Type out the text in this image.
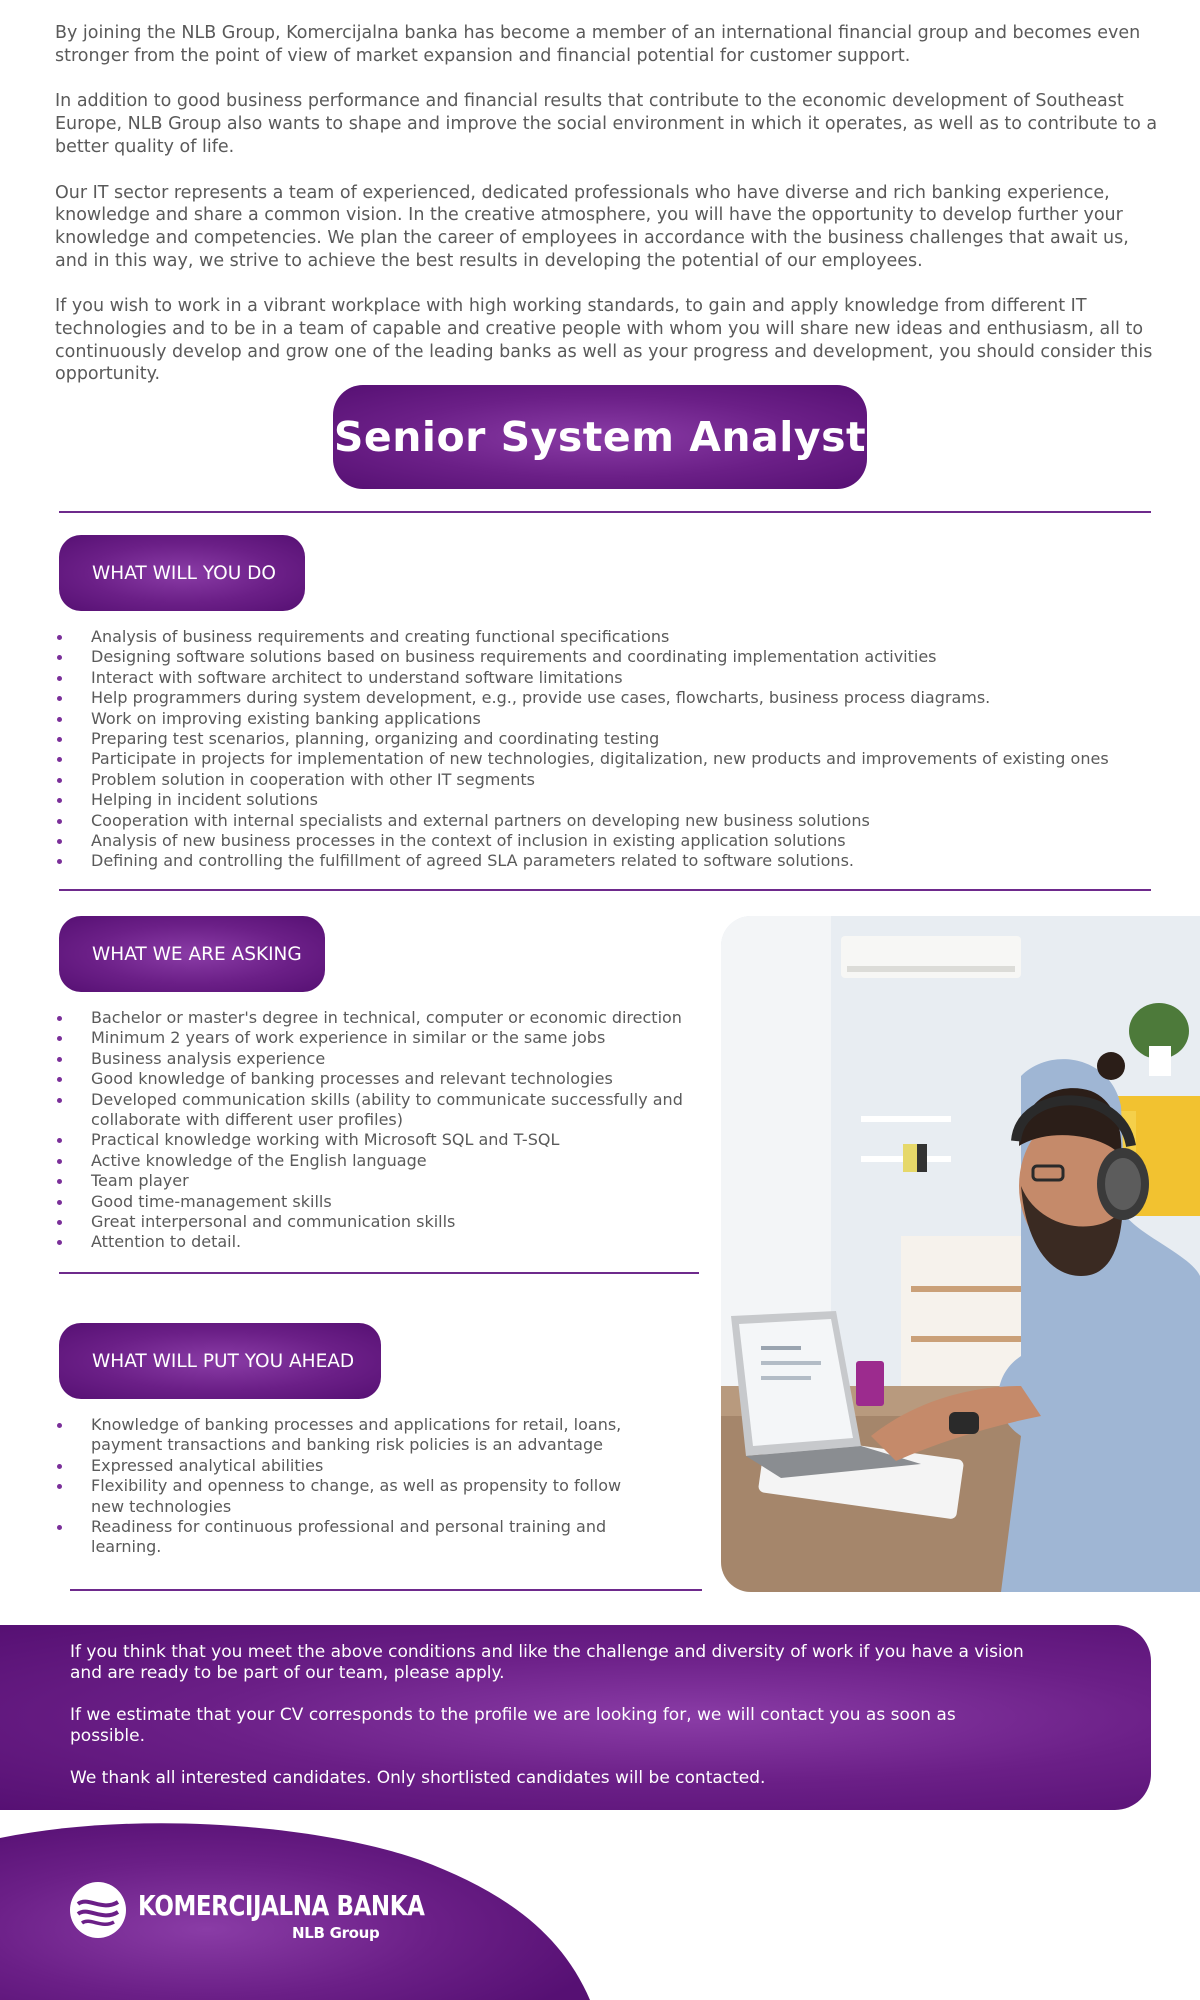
By joining the NLB Group, Komercijalna banka has become a member of an international financial group and becomes even stronger from the point of view of market expansion and financial potential for customer support.

In addition to good business performance and financial results that contribute to the economic development of Southeast Europe, NLB Group also wants to shape and improve the social environment in which it operates, as well as to contribute to a better quality of life.

Our IT sector represents a team of experienced, dedicated professionals who have diverse and rich banking experience, knowledge and share a common vision. In the creative atmosphere, you will have the opportunity to develop further your knowledge and competencies. We plan the career of employees in accordance with the business challenges that await us, and in this way, we strive to achieve the best results in developing the potential of our employees.

If you wish to work in a vibrant workplace with high working standards, to gain and apply knowledge from different IT technologies and to be in a team of capable and creative people with whom you will share new ideas and enthusiasm, all to continuously develop and grow one of the leading banks as well as your progress and development, you should consider this opportunity.

Senior System Analyst
WHAT WILL YOU DO
Analysis of business requirements and creating functional specifications
Designing software solutions based on business requirements and coordinating implementation activities
Interact with software architect to understand software limitations
Help programmers during system development, e.g., provide use cases, flowcharts, business process diagrams.
Work on improving existing banking applications
Preparing test scenarios, planning, organizing and coordinating testing
Participate in projects for implementation of new technologies, digitalization, new products and improvements of existing ones
Problem solution in cooperation with other IT segments
Helping in incident solutions
Cooperation with internal specialists and external partners on developing new business solutions
Analysis of new business processes in the context of inclusion in existing application solutions
Defining and controlling the fulfillment of agreed SLA parameters related to software solutions.
WHAT WE ARE ASKING
Bachelor or master's degree in technical, computer or economic direction
Minimum 2 years of work experience in similar or the same jobs
Business analysis experience
Good knowledge of banking processes and relevant technologies
Developed communication skills (ability to communicate successfully and collaborate with different user profiles)
Practical knowledge working with Microsoft SQL and T-SQL
Active knowledge of the English language
Team player
Good time-management skills
Great interpersonal and communication skills
Attention to detail.
WHAT WILL PUT YOU AHEAD
Knowledge of banking processes and applications for retail, loans, payment transactions and banking risk policies is an advantage
Expressed analytical abilities
Flexibility and openness to change, as well as propensity to follow new technologies
Readiness for continuous professional and personal training and learning.

If you think that you meet the above conditions and like the challenge and diversity of work if you have a vision and are ready to be part of our team, please apply.

If we estimate that your CV corresponds to the profile we are looking for, we will contact you as soon as possible.

We thank all interested candidates. Only shortlisted candidates will be contacted.

KOMERCIJALNA BANKA
NLB Group
